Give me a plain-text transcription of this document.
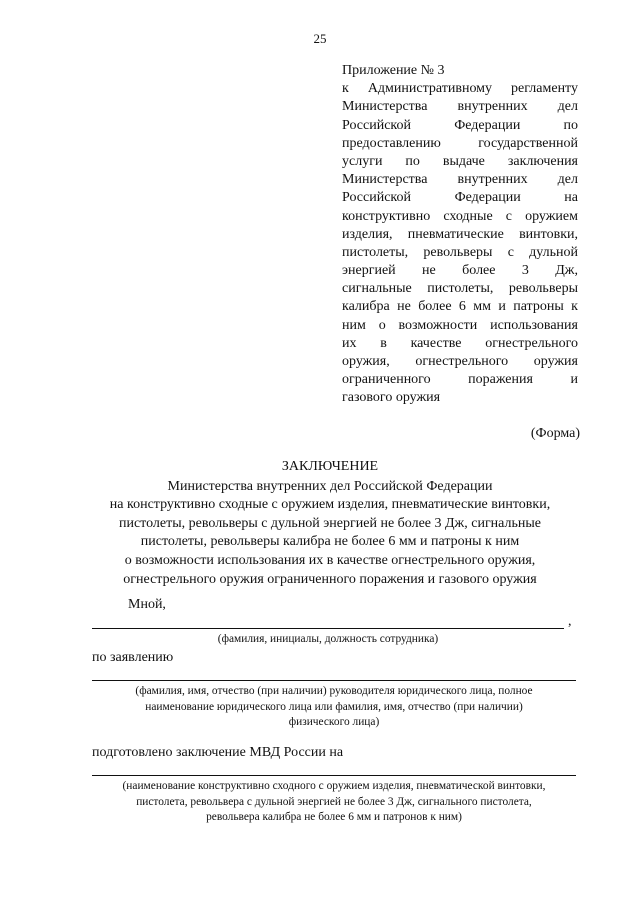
25
Приложение № 3
к Административному регламенту
Министерства внутренних дел
Российской	Федерации	по
предоставлению	государственной
услуги по выдаче заключения
Министерства внутренних дел
Российской	Федерации	на
конструктивно сходные с оружием
изделия, пневматические винтовки,
пистолеты, револьверы с дульной
энергией не более 3 Дж,
сигнальные пистолеты, револьверы
калибра не более 6 мм и патроны к
ним о возможности использования
их в качестве огнестрельного
оружия, огнестрельного оружия
ограниченного	поражения	и
газового оружия
(Форма)
ЗАКЛЮЧЕНИЕ
Министерства внутренних дел Российской Федерации
на конструктивно сходные с оружием изделия, пневматические винтовки,
пистолеты, револьверы с дульной энергией не более 3 Дж, сигнальные
пистолеты, револьверы калибра не более 6 мм и патроны к ним
о возможности использования их в качестве огнестрельного оружия,
огнестрельного оружия ограниченного поражения и газового оружия
Мной,
,
(фамилия, инициалы, должность сотрудника)
по заявлению
(фамилия, имя, отчество (при наличии) руководителя юридического лица, полное
наименование юридического лица или фамилия, имя, отчество (при наличии)
физического лица)
подготовлено заключение МВД России на
(наименование конструктивно сходного с оружием изделия, пневматической винтовки,
пистолета, револьвера с дульной энергией не более 3 Дж, сигнального пистолета,
револьвера калибра не более 6 мм и патронов к ним)
